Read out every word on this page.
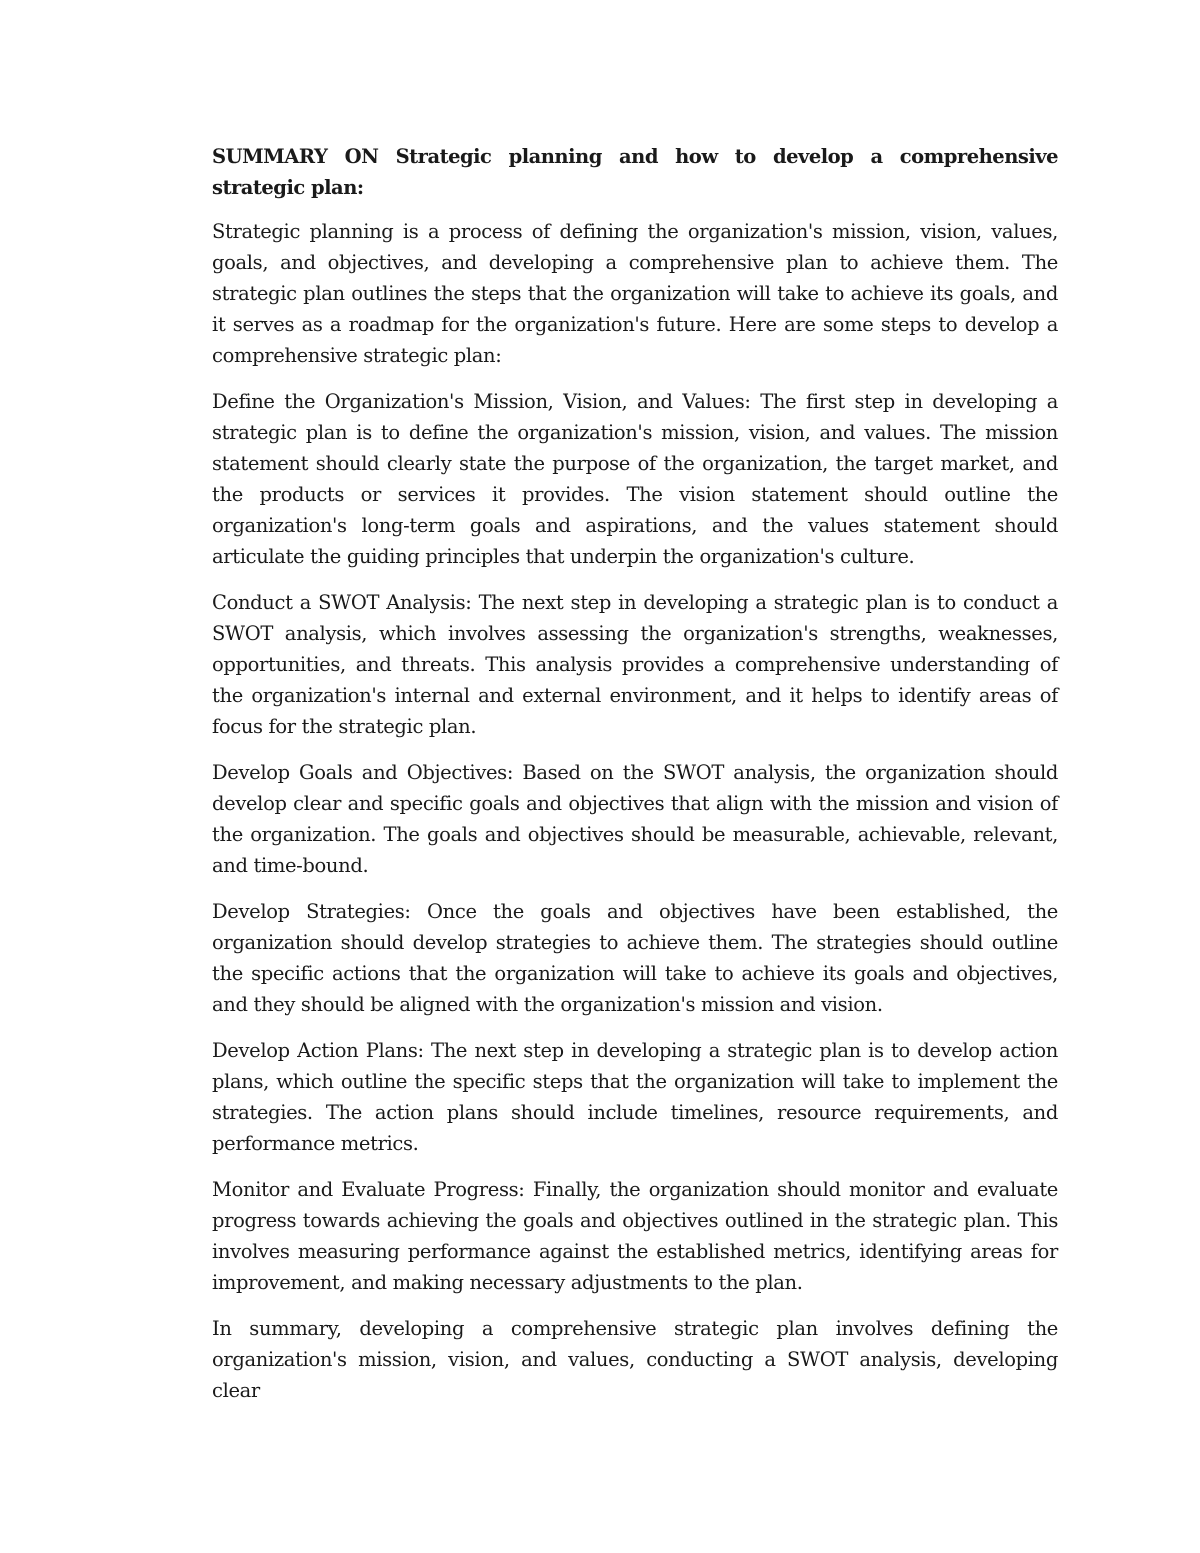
SUMMARY ON Strategic planning and how to develop a comprehensive strategic plan:

Strategic planning is a process of defining the organization's mission, vision, values, goals, and objectives, and developing a comprehensive plan to achieve them. The strategic plan outlines the steps that the organization will take to achieve its goals, and it serves as a roadmap for the organization's future. Here are some steps to develop a comprehensive strategic plan:

Define the Organization's Mission, Vision, and Values: The first step in developing a strategic plan is to define the organization's mission, vision, and values. The mission statement should clearly state the purpose of the organization, the target market, and the products or services it provides. The vision statement should outline the organization's long-term goals and aspirations, and the values statement should articulate the guiding principles that underpin the organization's culture.

Conduct a SWOT Analysis: The next step in developing a strategic plan is to conduct a SWOT analysis, which involves assessing the organization's strengths, weaknesses, opportunities, and threats. This analysis provides a comprehensive understanding of the organization's internal and external environment, and it helps to identify areas of focus for the strategic plan.

Develop Goals and Objectives: Based on the SWOT analysis, the organization should develop clear and specific goals and objectives that align with the mission and vision of the organization. The goals and objectives should be measurable, achievable, relevant, and time-bound.

Develop Strategies: Once the goals and objectives have been established, the organization should develop strategies to achieve them. The strategies should outline the specific actions that the organization will take to achieve its goals and objectives, and they should be aligned with the organization's mission and vision.

Develop Action Plans: The next step in developing a strategic plan is to develop action plans, which outline the specific steps that the organization will take to implement the strategies. The action plans should include timelines, resource requirements, and performance metrics.

Monitor and Evaluate Progress: Finally, the organization should monitor and evaluate progress towards achieving the goals and objectives outlined in the strategic plan. This involves measuring performance against the established metrics, identifying areas for improvement, and making necessary adjustments to the plan.

In summary, developing a comprehensive strategic plan involves defining the organization's mission, vision, and values, conducting a SWOT analysis, developing clear
